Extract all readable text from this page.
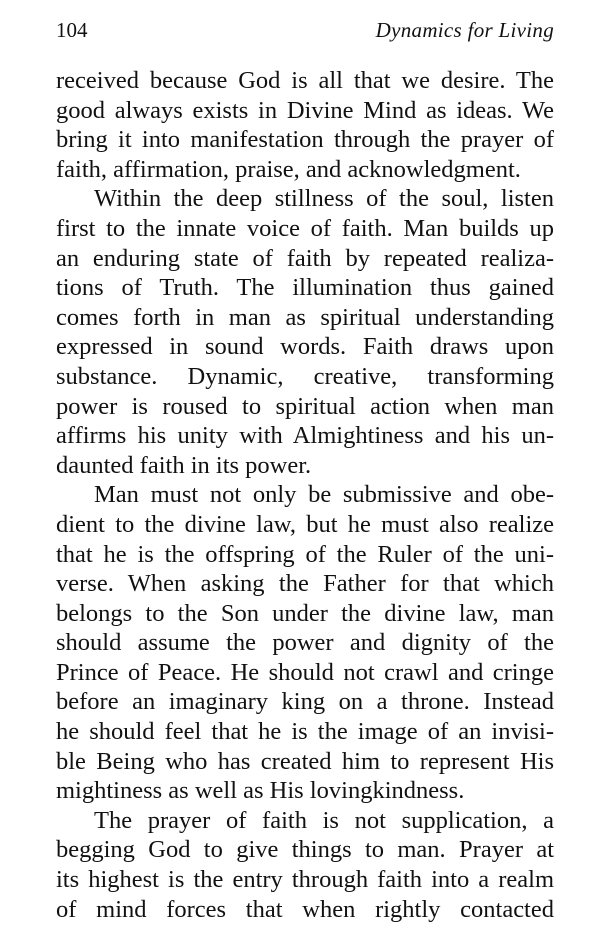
104	Dynamics for Living
received because God is all that we desire. The
good always exists in Divine Mind as ideas. We
bring it into manifestation through the prayer of
faith, affirmation, praise, and acknowledgment.
Within the deep stillness of the soul, listen
first to the innate voice of faith. Man builds up
an enduring state of faith by repeated realiza-
tions of Truth. The illumination thus gained
comes forth in man as spiritual understanding
expressed in sound words. Faith draws upon
substance. Dynamic, creative, transforming
power is roused to spiritual action when man
affirms his unity with Almightiness and his un-
daunted faith in its power.
Man must not only be submissive and obe-
dient to the divine law, but he must also realize
that he is the offspring of the Ruler of the uni-
verse. When asking the Father for that which
belongs to the Son under the divine law, man
should assume the power and dignity of the
Prince of Peace. He should not crawl and cringe
before an imaginary king on a throne. Instead
he should feel that he is the image of an invisi-
ble Being who has created him to represent His
mightiness as well as His lovingkindness.
The prayer of faith is not supplication, a
begging God to give things to man. Prayer at
its highest is the entry through faith into a realm
of mind forces that when rightly contacted
